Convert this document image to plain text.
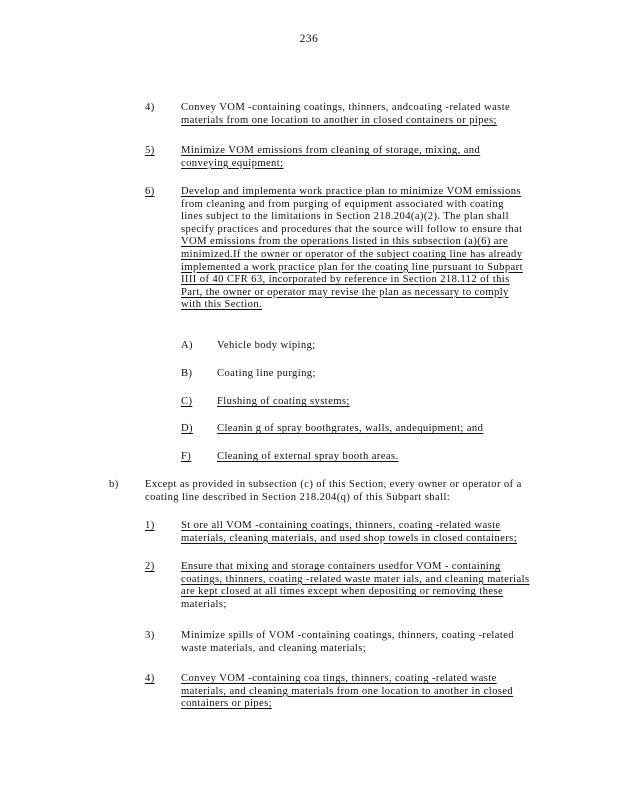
236
4) Convey VOM -containing coatings, thinners, andcoating -related waste
materials from one location to another in closed containers or pipes;
5) Minimize VOM emissions from cleaning of storage, mixing, and
conveying equipment;
6) Develop and implementa work practice plan to minimize VOM emissions
from cleaning and from purging of equipment associated with coating
lines subject to the limitations in Section 218.204(a)(2). The plan shall
specify practices and procedures that the source will follow to ensure that
VOM emissions from the operations listed in this subsection (a)(6) are
minimized.If the owner or operator of the subject coating line has already
implemented a work practice plan for the coating line pursuant to Subpart
IIII of 40 CFR 63, incorporated by reference in Section 218.112 of this
Part, the owner or operator may revise the plan as necessary to comply
with this Section.
A) Vehicle body wiping;
B) Coating line purging;
C) Flushing of coating systems;
D) Cleanin g of spray boothgrates, walls, andequipment; and
F) Cleaning of external spray booth areas.
b) Except as provided in subsection (c) of this Section, every owner or operator of a
coating line described in Section 218.204(q) of this Subpart shall:
1) St ore all VOM -containing coatings, thinners, coating -related waste
materials, cleaning materials, and used shop towels in closed containers;
2) Ensure that mixing and storage containers usedfor VOM - containing
coatings, thinners, coating -related waste mater ials, and cleaning materials
are kept closed at all times except when depositing or removing these
materials;
3) Minimize spills of VOM -containing coatings, thinners, coating -related
waste materials, and cleaning materials;
4) Convey VOM -containing coa tings, thinners, coating -related waste
materials, and cleaning materials from one location to another in closed
containers or pipes;
